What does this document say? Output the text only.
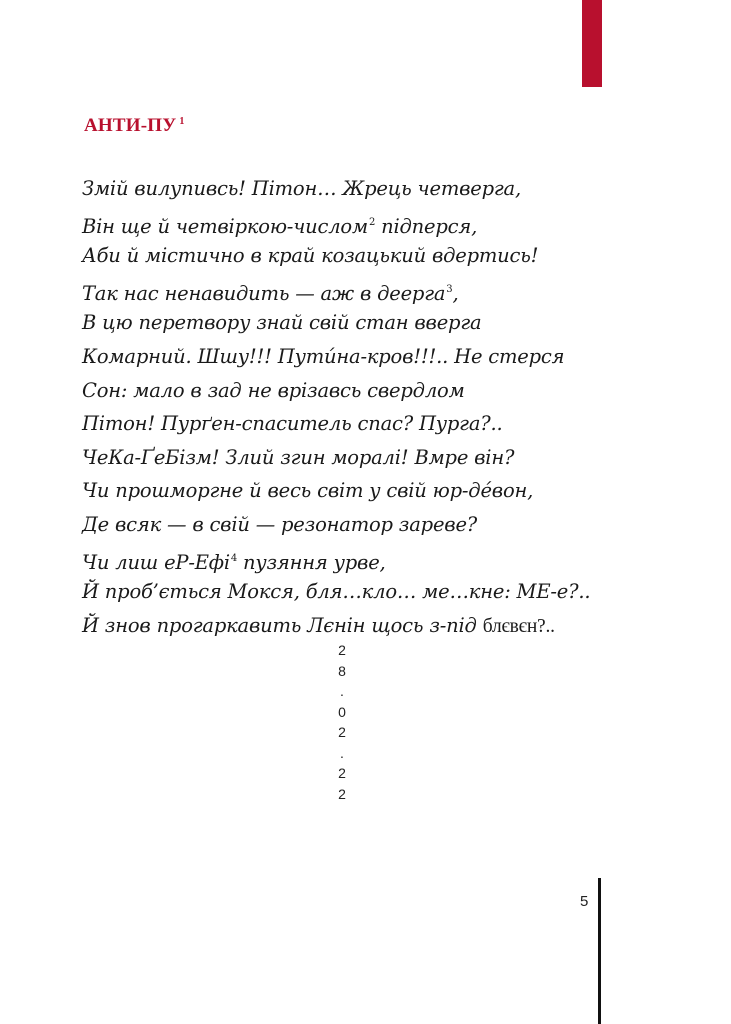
АНТИ-ПУ $^1$
Змій вилупивсь! Пітон… Жрець четверга,
Він ще й четвіркою-числом$^2$ підперся,
Аби й містично в край козацький вдертись!
Так нас ненавидить — аж в деерга$^3$,
В цю перетвору знай свій стан вверга
Комарний. Шшу!!! Пути́на-кров!!!.. Не стерся
Сон: мало в зад не врізавсь свердлом
Пітон! Пурґен-спаситель спас? Пурга?..
ЧеКа-ҐеБізм! Злий згин моралі! Вмре він?
Чи прошморгне й весь світ у свій юр-дéвон,
Де всяк — в свій — резонатор зареве?
Чи лиш еР-Ефі$^4$ пузяння урве,
Й проб’ється Мокся, бля…кло… ме…кне: МЕ-е?..
Й знов прогаркавить Лєнін щось з-під блєвєн?..
2
8
.
0
2
.
2
2
5
